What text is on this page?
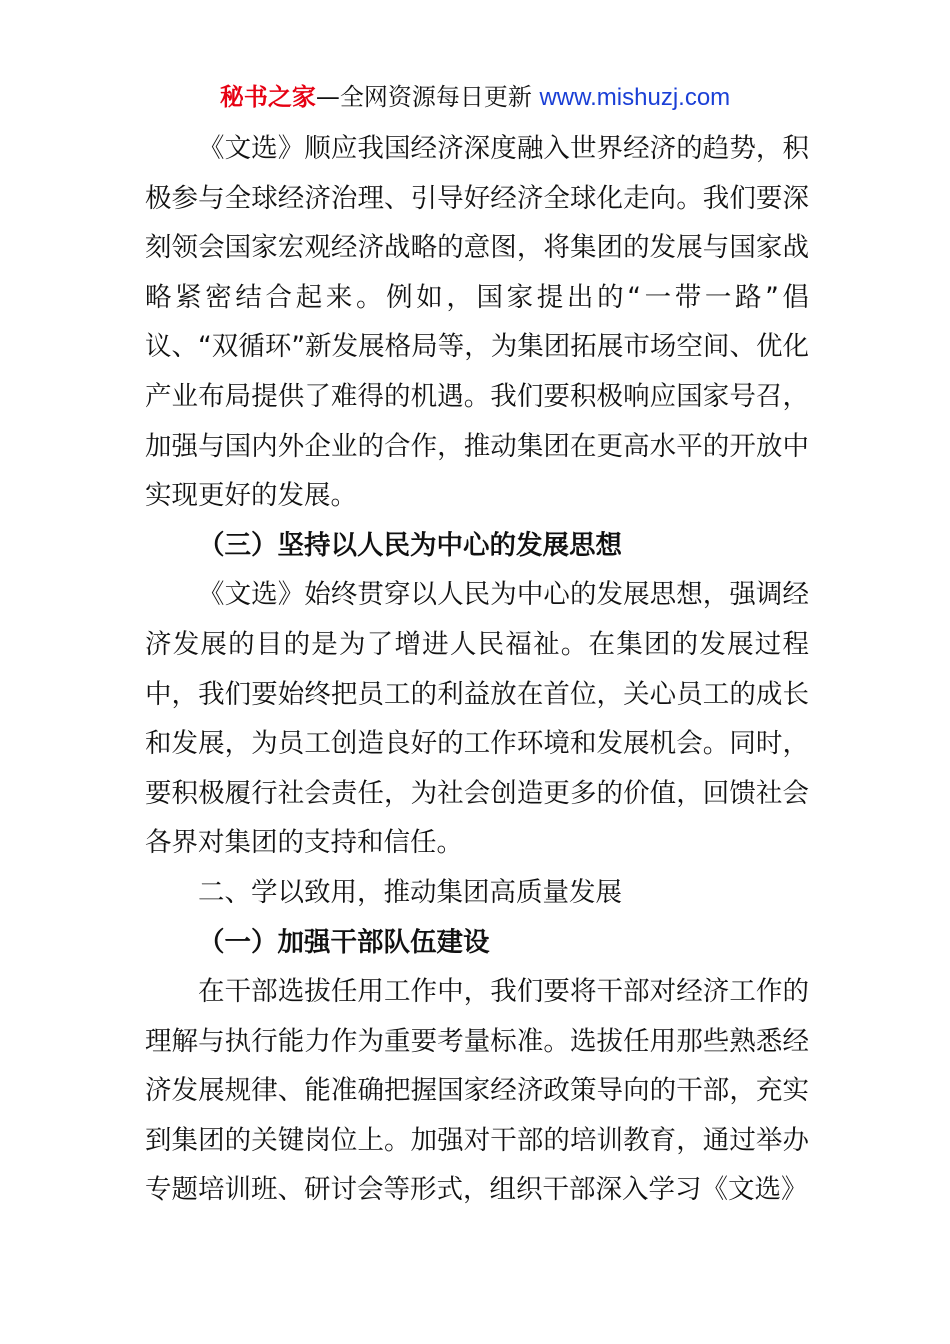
秘书之家—全网资源每日更新 www.mishuzj.com

《文选》顺应我国经济深度融入世界经济的趋势，积极参与全球经济治理、引导好经济全球化走向。我们要深刻领会国家宏观经济战略的意图，将集团的发展与国家战略紧密结合起来。例如，国家提出的“一带一路”倡议、“双循环”新发展格局等，为集团拓展市场空间、优化产业布局提供了难得的机遇。我们要积极响应国家号召，加强与国内外企业的合作，推动集团在更高水平的开放中实现更好的发展。

（三）坚持以人民为中心的发展思想

《文选》始终贯穿以人民为中心的发展思想，强调经济发展的目的是为了增进人民福祉。在集团的发展过程中，我们要始终把员工的利益放在首位，关心员工的成长和发展，为员工创造良好的工作环境和发展机会。同时，要积极履行社会责任，为社会创造更多的价值，回馈社会各界对集团的支持和信任。

二、学以致用，推动集团高质量发展

（一）加强干部队伍建设

在干部选拔任用工作中，我们要将干部对经济工作的理解与执行能力作为重要考量标准。选拔任用那些熟悉经济发展规律、能准确把握国家经济政策导向的干部，充实到集团的关键岗位上。加强对干部的培训教育，通过举办专题培训班、研讨会等形式，组织干部深入学习《文选》
